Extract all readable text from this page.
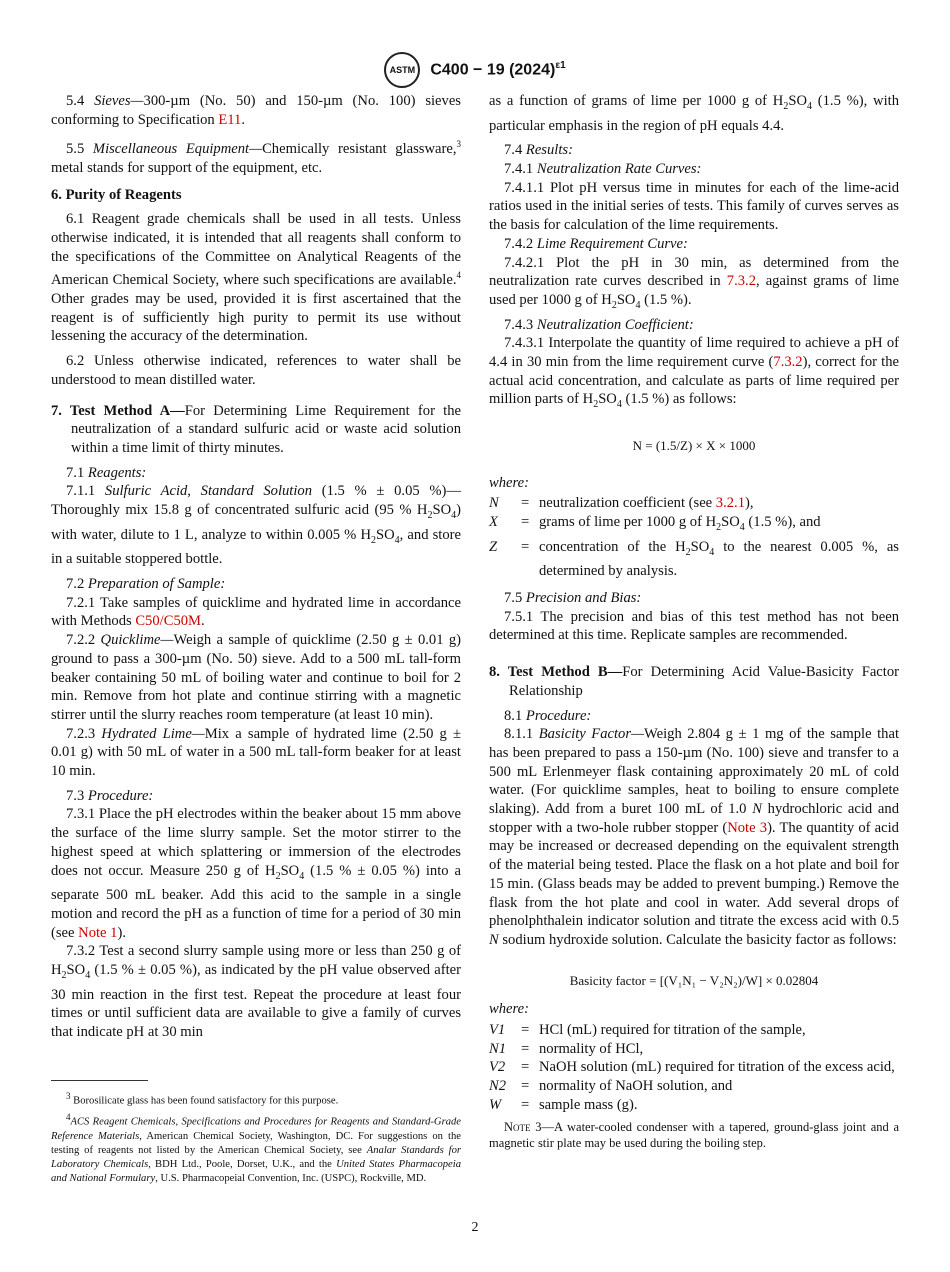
ASTM C400 − 19 $(2024)^{\varepsilon 1}$

5.4 Sieves—300-µm (No. 50) and 150-µm (No. 100) sieves conforming to Specification E11.

5.5 Miscellaneous Equipment—Chemically resistant glassware,$^3$ metal stands for support of the equipment, etc.

6. Purity of Reagents

6.1 Reagent grade chemicals shall be used in all tests. Unless otherwise indicated, it is intended that all reagents shall conform to the specifications of the Committee on Analytical Reagents of the American Chemical Society, where such specifications are available.$^4$ Other grades may be used, provided it is first ascertained that the reagent is of sufficiently high purity to permit its use without lessening the accuracy of the determination.

6.2 Unless otherwise indicated, references to water shall be understood to mean distilled water.

7. Test Method A—For Determining Lime Requirement for the neutralization of a standard sulfuric acid or waste acid solution within a time limit of thirty minutes.

7.1 Reagents:

7.1.1 Sulfuric Acid, Standard Solution (1.5 % ± 0.05 %)—Thoroughly mix 15.8 g of concentrated sulfuric acid (95 % $H_2SO_4$) with water, dilute to 1 L, analyze to within 0.005 % $H_2SO_4$, and store in a suitable stoppered bottle.

7.2 Preparation of Sample:

7.2.1 Take samples of quicklime and hydrated lime in accordance with Methods C50/C50M.

7.2.2 Quicklime—Weigh a sample of quicklime (2.50 g ± 0.01 g) ground to pass a 300-µm (No. 50) sieve. Add to a 500 mL tall-form beaker containing 50 mL of boiling water and continue to boil for 2 min. Remove from hot plate and continue stirring with a magnetic stirrer until the slurry reaches room temperature (at least 10 min).

7.2.3 Hydrated Lime—Mix a sample of hydrated lime (2.50 g ± 0.01 g) with 50 mL of water in a 500 mL tall-form beaker for at least 10 min.

7.3 Procedure:

7.3.1 Place the pH electrodes within the beaker about 15 mm above the surface of the lime slurry sample. Set the motor stirrer to the highest speed at which splattering or immersion of the electrodes does not occur. Measure 250 g of $H_2SO_4$ (1.5 % ± 0.05 %) into a separate 500 mL beaker. Add this acid to the sample in a single motion and record the pH as a function of time for a period of 30 min (see Note 1).

7.3.2 Test a second slurry sample using more or less than 250 g of $H_2SO_4$ (1.5 % ± 0.05 %), as indicated by the pH value observed after 30 min reaction in the first test. Repeat the procedure at least four times or until sufficient data are available to give a family of curves that indicate pH at 30 min

$^3$ Borosilicate glass has been found satisfactory for this purpose.

$^4$ACS Reagent Chemicals, Specifications and Procedures for Reagents and Standard-Grade Reference Materials, American Chemical Society, Washington, DC. For suggestions on the testing of reagents not listed by the American Chemical Society, see Analar Standards for Laboratory Chemicals, BDH Ltd., Poole, Dorset, U.K., and the United States Pharmacopeia and National Formulary, U.S. Pharmacopeial Convention, Inc. (USPC), Rockville, MD.

as a function of grams of lime per 1000 g of $H_2SO_4$ (1.5 %), with particular emphasis in the region of pH equals 4.4.

7.4 Results:

7.4.1 Neutralization Rate Curves:

7.4.1.1 Plot pH versus time in minutes for each of the lime-acid ratios used in the initial series of tests. This family of curves serves as the basis for calculation of the lime requirements.

7.4.2 Lime Requirement Curve:

7.4.2.1 Plot the pH in 30 min, as determined from the neutralization rate curves described in 7.3.2, against grams of lime used per 1000 g of $H_2SO_4$ (1.5 %).

7.4.3 Neutralization Coefficient:

7.4.3.1 Interpolate the quantity of lime required to achieve a pH of 4.4 in 30 min from the lime requirement curve (7.3.2), correct for the actual acid concentration, and calculate as parts of lime required per million parts of $H_2SO_4$ (1.5 %) as follows:

N = (1.5/Z) × X × 1000

where:

N	= neutralization coefficient (see 3.2.1),
X	= grams of lime per 1000 g of $H_2SO_4$ (1.5 %), and
Z	= concentration of the $H_2SO_4$ to the nearest 0.005 %, as determined by analysis.

7.5 Precision and Bias:

7.5.1 The precision and bias of this test method has not been determined at this time. Replicate samples are recommended.

8. Test Method B—For Determining Acid Value-Basicity Factor Relationship

8.1 Procedure:

8.1.1 Basicity Factor—Weigh 2.804 g ± 1 mg of the sample that has been prepared to pass a 150-µm (No. 100) sieve and transfer to a 500 mL Erlenmeyer flask containing approximately 20 mL of cold water. (For quicklime samples, heat to boiling to ensure complete slaking). Add from a buret 100 mL of 1.0 N hydrochloric acid and stopper with a two-hole rubber stopper (Note 3). The quantity of acid may be increased or decreased depending on the equivalent strength of the material being tested. Place the flask on a hot plate and boil for 15 min. (Glass beads may be added to prevent bumping.) Remove the flask from the hot plate and cool in water. Add several drops of phenolphthalein indicator solution and titrate the excess acid with 0.5 N sodium hydroxide solution. Calculate the basicity factor as follows:

Basicity factor = [(V₁N₁ − V₂N₂)/W] × 0.02804

where:

V1	= HCl (mL) required for titration of the sample,
N1	= normality of HCl,
V2	= NaOH solution (mL) required for titration of the excess acid,
N2	= normality of NaOH solution, and
W	= sample mass (g).

Note 3—A water-cooled condenser with a tapered, ground-glass joint and a magnetic stir plate may be used during the boiling step.

2
